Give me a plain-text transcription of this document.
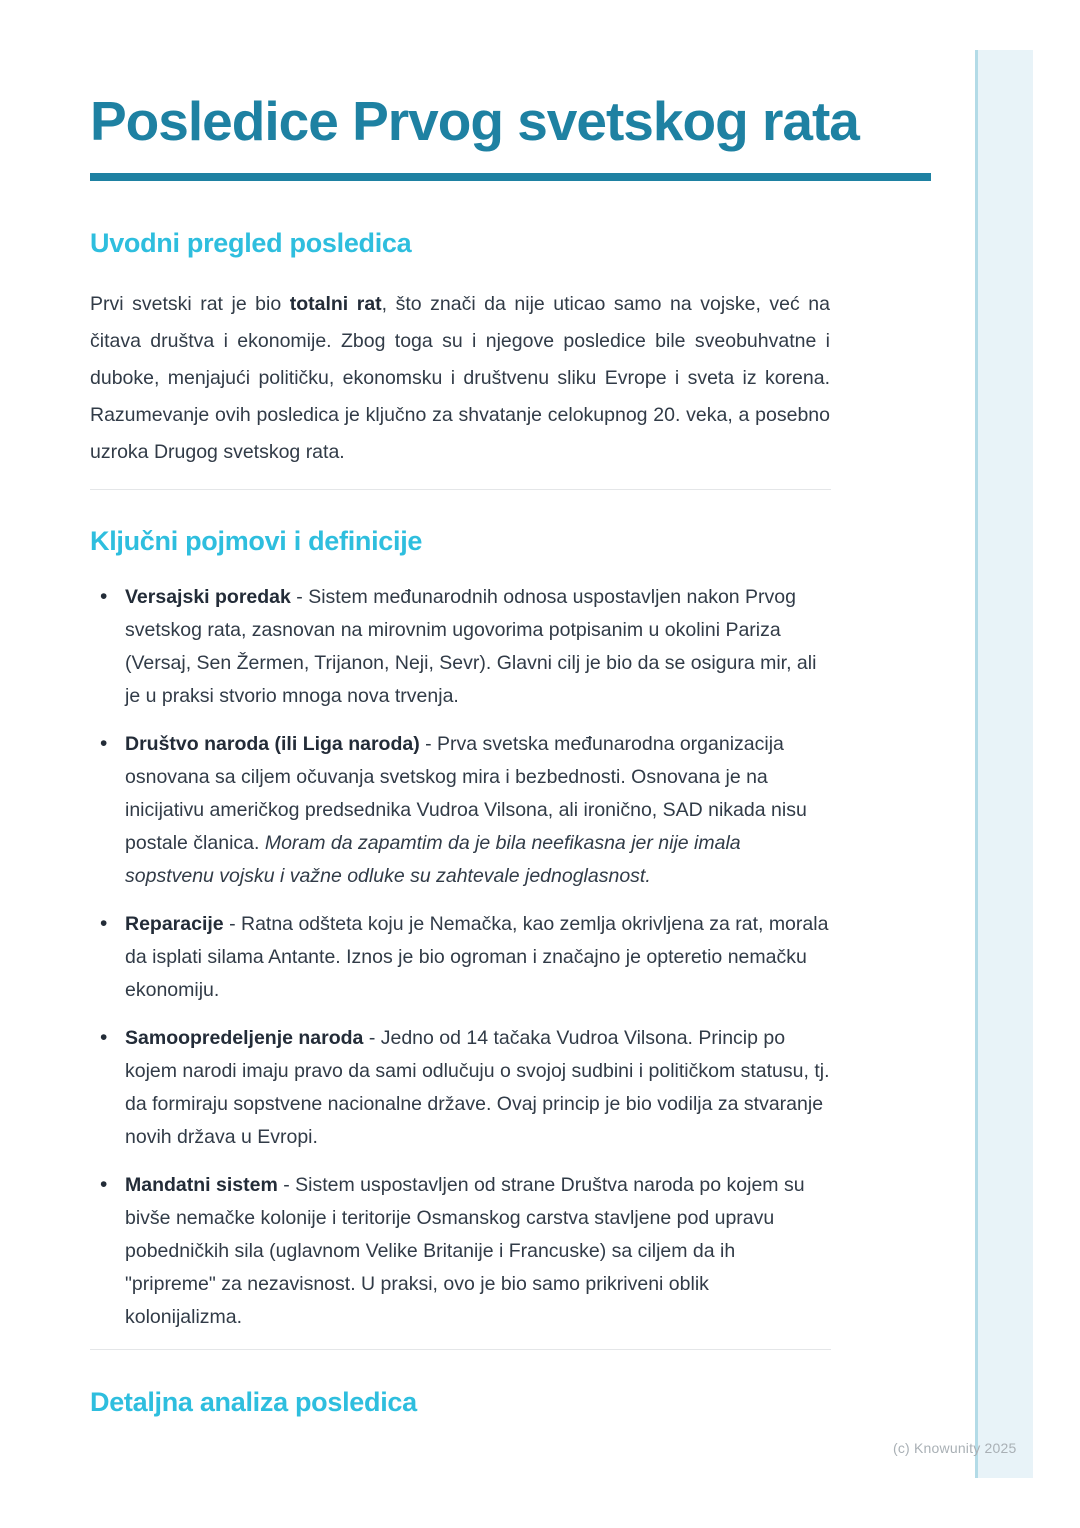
Posledice Prvog svetskog rata
Uvodni pregled posledica

Prvi svetski rat je bio totalni rat, što znači da nije uticao samo na vojske, već na čitava društva i ekonomije. Zbog toga su i njegove posledice bile sveobuhvatne i duboke, menjajući političku, ekonomsku i društvenu sliku Evrope i sveta iz korena. Razumevanje ovih posledica je ključno za shvatanje celokupnog 20. veka, a posebno uzroka Drugog svetskog rata.

Ključni pojmovi i definicije
• Versajski poredak - Sistem međunarodnih odnosa uspostavljen nakon Prvog svetskog rata, zasnovan na mirovnim ugovorima potpisanim u okolini Pariza (Versaj, Sen Žermen, Trijanon, Neji, Sevr). Glavni cilj je bio da se osigura mir, ali je u praksi stvorio mnoga nova trvenja.
• Društvo naroda (ili Liga naroda) - Prva svetska međunarodna organizacija osnovana sa ciljem očuvanja svetskog mira i bezbednosti. Osnovana je na inicijativu američkog predsednika Vudroa Vilsona, ali ironično, SAD nikada nisu postale članica. Moram da zapamtim da je bila neefikasna jer nije imala sopstvenu vojsku i važne odluke su zahtevale jednoglasnost.
• Reparacije - Ratna odšteta koju je Nemačka, kao zemlja okrivljena za rat, morala da isplati silama Antante. Iznos je bio ogroman i značajno je opteretio nemačku ekonomiju.
• Samoopredeljenje naroda - Jedno od 14 tačaka Vudroa Vilsona. Princip po kojem narodi imaju pravo da sami odlučuju o svojoj sudbini i političkom statusu, tj. da formiraju sopstvene nacionalne države. Ovaj princip je bio vodilja za stvaranje novih država u Evropi.
• Mandatni sistem - Sistem uspostavljen od strane Društva naroda po kojem su bivše nemačke kolonije i teritorije Osmanskog carstva stavljene pod upravu pobedničkih sila (uglavnom Velike Britanije i Francuske) sa ciljem da ih "pripreme" za nezavisnost. U praksi, ovo je bio samo prikriveni oblik kolonijalizma.
Detaljna analiza posledica
(c) Knowunity 2025
